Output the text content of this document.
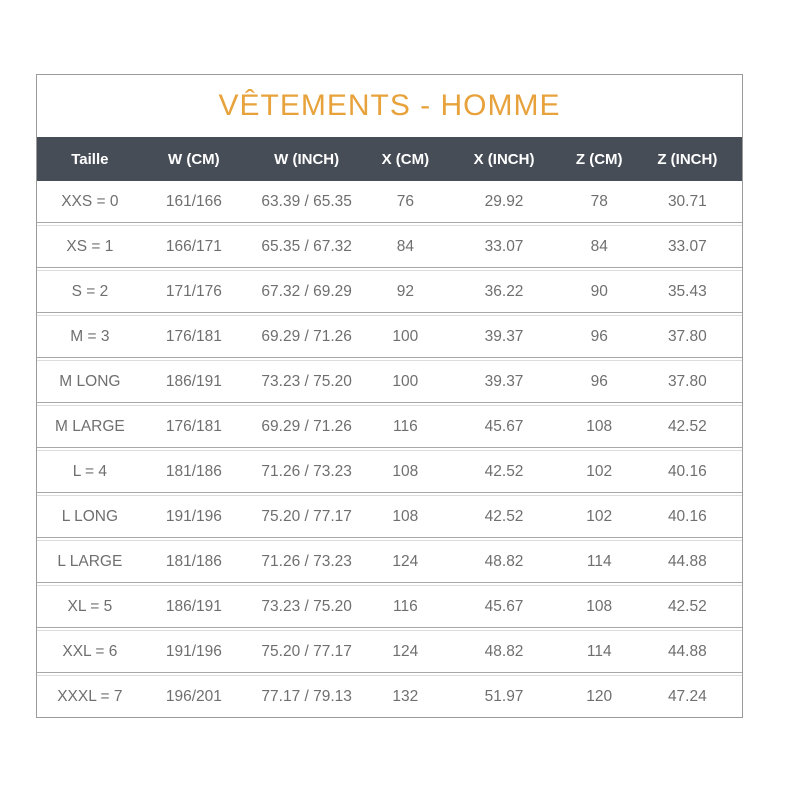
VÊTEMENTS - HOMME
Taille	W (CM)	W (INCH)	X (CM)	X (INCH)	Z (CM)	Z (INCH)
XXS = 0	161/166	63.39 / 65.35	76	29.92	78	30.71
XS = 1	166/171	65.35 / 67.32	84	33.07	84	33.07
S = 2	171/176	67.32 / 69.29	92	36.22	90	35.43
M = 3	176/181	69.29 / 71.26	100	39.37	96	37.80
M LONG	186/191	73.23 / 75.20	100	39.37	96	37.80
M LARGE	176/181	69.29 / 71.26	116	45.67	108	42.52
L = 4	181/186	71.26 / 73.23	108	42.52	102	40.16
L LONG	191/196	75.20 / 77.17	108	42.52	102	40.16
L LARGE	181/186	71.26 / 73.23	124	48.82	114	44.88
XL = 5	186/191	73.23 / 75.20	116	45.67	108	42.52
XXL = 6	191/196	75.20 / 77.17	124	48.82	114	44.88
XXXL = 7	196/201	77.17 / 79.13	132	51.97	120	47.24
